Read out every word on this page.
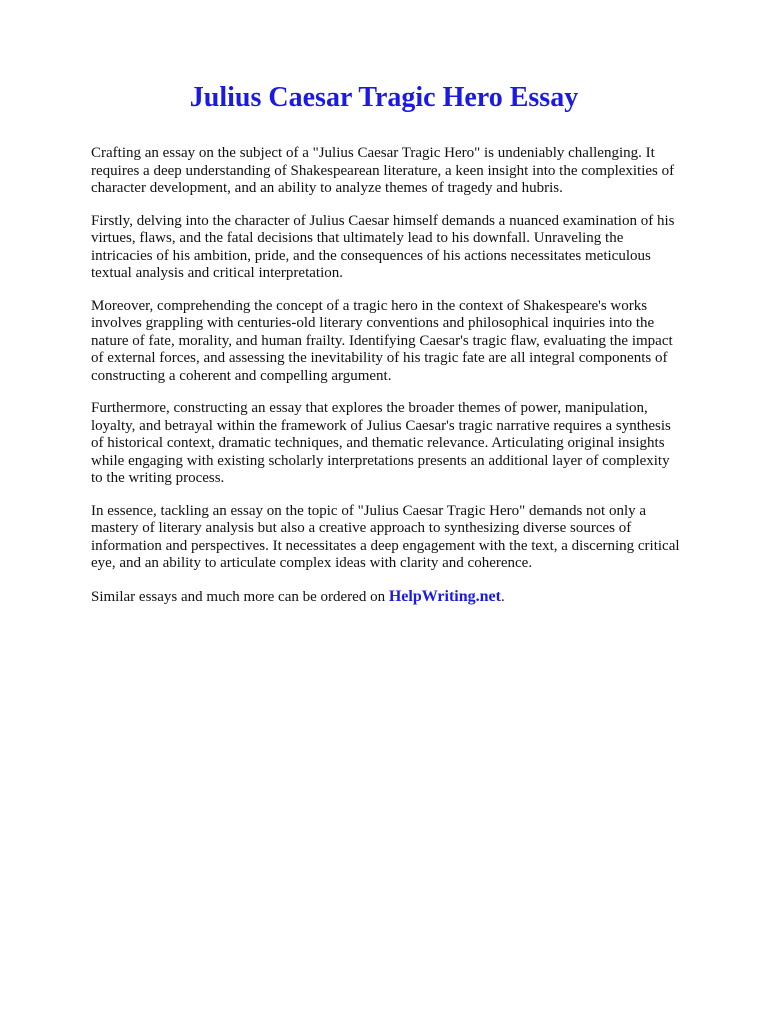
Julius Caesar Tragic Hero Essay

Crafting an essay on the subject of a "Julius Caesar Tragic Hero" is undeniably challenging. It requires a deep understanding of Shakespearean literature, a keen insight into the complexities of character development, and an ability to analyze themes of tragedy and hubris.

Firstly, delving into the character of Julius Caesar himself demands a nuanced examination of his virtues, flaws, and the fatal decisions that ultimately lead to his downfall. Unraveling the intricacies of his ambition, pride, and the consequences of his actions necessitates meticulous textual analysis and critical interpretation.

Moreover, comprehending the concept of a tragic hero in the context of Shakespeare's works involves grappling with centuries-old literary conventions and philosophical inquiries into the nature of fate, morality, and human frailty. Identifying Caesar's tragic flaw, evaluating the impact of external forces, and assessing the inevitability of his tragic fate are all integral components of constructing a coherent and compelling argument.

Furthermore, constructing an essay that explores the broader themes of power, manipulation, loyalty, and betrayal within the framework of Julius Caesar's tragic narrative requires a synthesis of historical context, dramatic techniques, and thematic relevance. Articulating original insights while engaging with existing scholarly interpretations presents an additional layer of complexity to the writing process.

In essence, tackling an essay on the topic of "Julius Caesar Tragic Hero" demands not only a mastery of literary analysis but also a creative approach to synthesizing diverse sources of information and perspectives. It necessitates a deep engagement with the text, a discerning critical eye, and an ability to articulate complex ideas with clarity and coherence.

Similar essays and much more can be ordered on HelpWriting.net.
